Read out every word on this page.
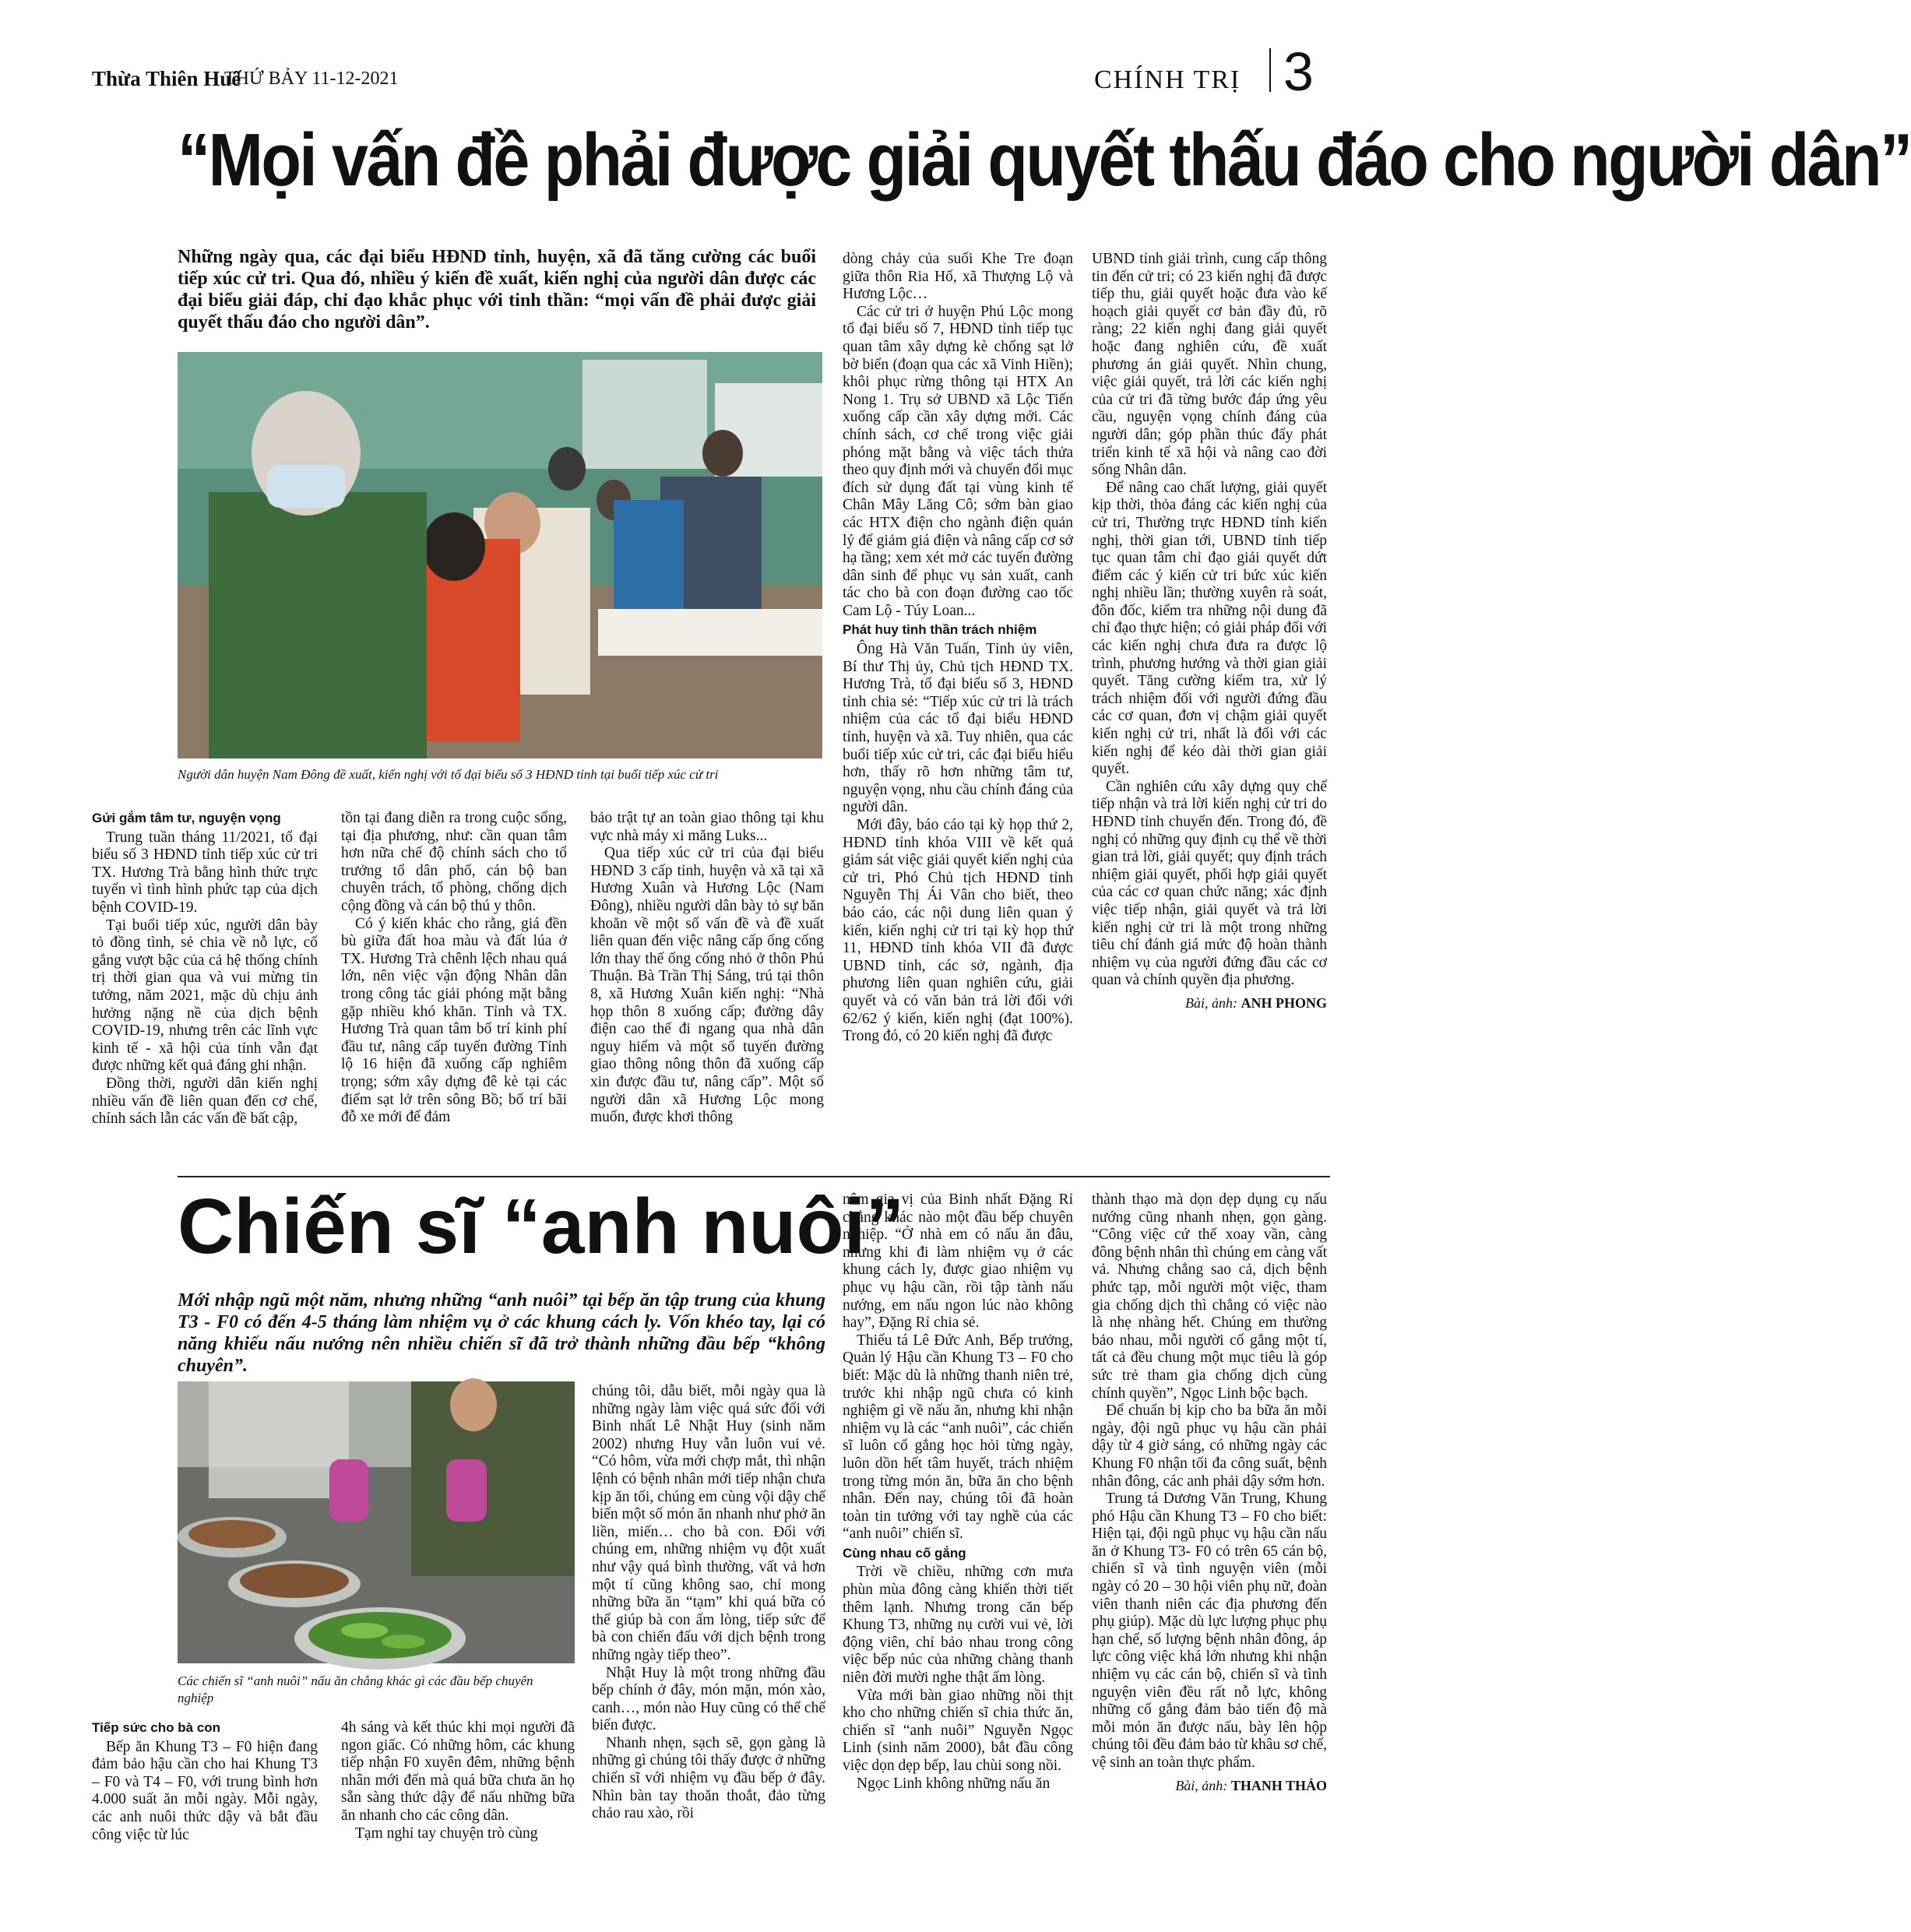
Thừa Thiên Huế
THỨ BẢY 11-12-2021	CHÍNH TRỊ 3
“Mọi vấn đề phải được giải quyết thấu đáo cho người dân”
Những ngày qua, các đại biểu HĐND tỉnh, huyện, xã đã tăng cường các buổi tiếp xúc cử tri. Qua đó, nhiều ý kiến đề xuất, kiến nghị của người dân được các đại biểu giải đáp, chỉ đạo khắc phục với tinh thần: “mọi vấn đề phải được giải quyết thấu đáo cho người dân”.
Người dân huyện Nam Đông đề xuất, kiến nghị với tổ đại biểu số 3 HĐND tỉnh tại buổi tiếp xúc cử tri
Gửi gắm tâm tư, nguyện vọng

Trung tuần tháng 11/2021, tổ đại biểu số 3 HĐND tỉnh tiếp xúc cử tri TX. Hương Trà bằng hình thức trực tuyến vì tình hình phức tạp của dịch bệnh COVID-19.

Tại buổi tiếp xúc, người dân bày tỏ đồng tình, sẻ chia về nỗ lực, cố gắng vượt bậc của cả hệ thống chính trị thời gian qua và vui mừng tin tưởng, năm 2021, mặc dù chịu ảnh hưởng nặng nề của dịch bệnh COVID-19, nhưng trên các lĩnh vực kinh tế - xã hội của tỉnh vẫn đạt được những kết quả đáng ghi nhận.

Đồng thời, người dân kiến nghị nhiều vấn đề liên quan đến cơ chế, chính sách lẫn các vấn đề bất cập,

tồn tại đang diễn ra trong cuộc sống, tại địa phương, như: cần quan tâm hơn nữa chế độ chính sách cho tổ trưởng tổ dân phố, cán bộ ban chuyên trách, tổ phòng, chống dịch cộng đồng và cán bộ thú y thôn.

Có ý kiến khác cho rằng, giá đền bù giữa đất hoa màu và đất lúa ở TX. Hương Trà chênh lệch nhau quá lớn, nên việc vận động Nhân dân trong công tác giải phóng mặt bằng gặp nhiều khó khăn. Tỉnh và TX. Hương Trà quan tâm bố trí kinh phí đầu tư, nâng cấp tuyến đường Tỉnh lộ 16 hiện đã xuống cấp nghiêm trọng; sớm xây dựng đê kè tại các điểm sạt lở trên sông Bồ; bố trí bãi đỗ xe mới để đảm

bảo trật tự an toàn giao thông tại khu vực nhà máy xi măng Luks...

Qua tiếp xúc cử tri của đại biểu HĐND 3 cấp tỉnh, huyện và xã tại xã Hương Xuân và Hương Lộc (Nam Đông), nhiều người dân bày tỏ sự băn khoăn về một số vấn đề và đề xuất liên quan đến việc nâng cấp ống cống lớn thay thế ống cống nhỏ ở thôn Phú Thuận. Bà Trần Thị Sáng, trú tại thôn 8, xã Hương Xuân kiến nghị: “Nhà họp thôn 8 xuống cấp; đường dây điện cao thế đi ngang qua nhà dân nguy hiểm và một số tuyến đường giao thông nông thôn đã xuống cấp xin được đầu tư, nâng cấp”. Một số người dân xã Hương Lộc mong muốn, được khơi thông

dòng chảy của suối Khe Tre đoạn giữa thôn Ria Hố, xã Thượng Lộ và Hương Lộc…

Các cử tri ở huyện Phú Lộc mong tổ đại biểu số 7, HĐND tỉnh tiếp tục quan tâm xây dựng kè chống sạt lở bờ biển (đoạn qua các xã Vinh Hiền); khôi phục rừng thông tại HTX An Nong 1. Trụ sở UBND xã Lộc Tiến xuống cấp cần xây dựng mới. Các chính sách, cơ chế trong việc giải phóng mặt bằng và việc tách thửa theo quy định mới và chuyển đổi mục đích sử dụng đất tại vùng kinh tế Chân Mây Lăng Cô; sớm bàn giao các HTX điện cho ngành điện quản lý để giảm giá điện và nâng cấp cơ sở hạ tầng; xem xét mở các tuyến đường dân sinh để phục vụ sản xuất, canh tác cho bà con đoạn đường cao tốc Cam Lộ - Túy Loan...

Phát huy tinh thần trách nhiệm

Ông Hà Văn Tuấn, Tỉnh ủy viên, Bí thư Thị ủy, Chủ tịch HĐND TX. Hương Trà, tổ đại biểu số 3, HĐND tỉnh chia sẻ: “Tiếp xúc cử tri là trách nhiệm của các tổ đại biểu HĐND tỉnh, huyện và xã. Tuy nhiên, qua các buổi tiếp xúc cử tri, các đại biểu hiểu hơn, thấy rõ hơn những tâm tư, nguyện vọng, nhu cầu chính đáng của người dân.

Mới đây, báo cáo tại kỳ họp thứ 2, HĐND tỉnh khóa VIII về kết quả giám sát việc giải quyết kiến nghị của cử tri, Phó Chủ tịch HĐND tỉnh Nguyễn Thị Ái Vân cho biết, theo báo cáo, các nội dung liên quan ý kiến, kiến nghị cử tri tại kỳ họp thứ 11, HĐND tỉnh khóa VII đã được UBND tỉnh, các sở, ngành, địa phương liên quan nghiên cứu, giải quyết và có văn bản trả lời đối với 62/62 ý kiến, kiến nghị (đạt 100%). Trong đó, có 20 kiến nghị đã được

UBND tỉnh giải trình, cung cấp thông tin đến cử tri; có 23 kiến nghị đã được tiếp thu, giải quyết hoặc đưa vào kế hoạch giải quyết cơ bản đầy đủ, rõ ràng; 22 kiến nghị đang giải quyết hoặc đang nghiên cứu, đề xuất phương án giải quyết. Nhìn chung, việc giải quyết, trả lời các kiến nghị của cử tri đã từng bước đáp ứng yêu cầu, nguyện vọng chính đáng của người dân; góp phần thúc đẩy phát triển kinh tế xã hội và nâng cao đời sống Nhân dân.

Để nâng cao chất lượng, giải quyết kịp thời, thỏa đáng các kiến nghị của cử tri, Thường trực HĐND tỉnh kiến nghị, thời gian tới, UBND tỉnh tiếp tục quan tâm chỉ đạo giải quyết dứt điểm các ý kiến cử tri bức xúc kiến nghị nhiều lần; thường xuyên rà soát, đôn đốc, kiểm tra những nội dung đã chỉ đạo thực hiện; có giải pháp đối với các kiến nghị chưa đưa ra được lộ trình, phương hướng và thời gian giải quyết. Tăng cường kiểm tra, xử lý trách nhiệm đối với người đứng đầu các cơ quan, đơn vị chậm giải quyết kiến nghị cử tri, nhất là đối với các kiến nghị để kéo dài thời gian giải quyết.

Cần nghiên cứu xây dựng quy chế tiếp nhận và trả lời kiến nghị cử tri do HĐND tỉnh chuyển đến. Trong đó, đề nghị có những quy định cụ thể về thời gian trả lời, giải quyết; quy định trách nhiệm giải quyết, phối hợp giải quyết của các cơ quan chức năng; xác định việc tiếp nhận, giải quyết và trả lời kiến nghị cử tri là một trong những tiêu chí đánh giá mức độ hoàn thành nhiệm vụ của người đứng đầu các cơ quan và chính quyền địa phương.

Bài, ảnh: ANH PHONG
Chiến sĩ “anh nuôi”
Mới nhập ngũ một năm, nhưng những “anh nuôi” tại bếp ăn tập trung của khung T3 - F0 có đến 4-5 tháng làm nhiệm vụ ở các khung cách ly. Vốn khéo tay, lại có năng khiếu nấu nướng nên nhiều chiến sĩ đã trở thành những đầu bếp “không chuyên”.
Các chiến sĩ “anh nuôi” nấu ăn chẳng khác gì các đầu bếp chuyên nghiệp
Tiếp sức cho bà con

Bếp ăn Khung T3 – F0 hiện đang đảm bảo hậu cần cho hai Khung T3 – F0 và T4 – F0, với trung bình hơn 4.000 suất ăn mỗi ngày. Mỗi ngày, các anh nuôi thức dậy và bắt đầu công việc từ lúc

4h sáng và kết thúc khi mọi người đã ngon giấc. Có những hôm, các khung tiếp nhận F0 xuyên đêm, những bệnh nhân mới đến mà quá bữa chưa ăn họ sẵn sàng thức dậy để nấu những bữa ăn nhanh cho các công dân.

Tạm nghỉ tay chuyện trò cùng

chúng tôi, dẫu biết, mỗi ngày qua là những ngày làm việc quá sức đối với Binh nhất Lê Nhật Huy (sinh năm 2002) nhưng Huy vẫn luôn vui vẻ. “Có hôm, vừa mới chợp mắt, thì nhận lệnh có bệnh nhân mới tiếp nhận chưa kịp ăn tối, chúng em cùng vội dậy chế biến một số món ăn nhanh như phở ăn liền, miến… cho bà con. Đối với chúng em, những nhiệm vụ đột xuất như vậy quá bình thường, vất vả hơn một tí cũng không sao, chỉ mong những bữa ăn “tạm” khi quá bữa có thể giúp bà con ấm lòng, tiếp sức để bà con chiến đấu với dịch bệnh trong những ngày tiếp theo”.

Nhật Huy là một trong những đầu bếp chính ở đây, món mặn, món xào, canh…, món nào Huy cũng có thể chế biến được.

Nhanh nhẹn, sạch sẽ, gọn gàng là những gì chúng tôi thấy được ở những chiến sĩ với nhiệm vụ đầu bếp ở đây. Nhìn bàn tay thoăn thoắt, đảo từng chảo rau xào, rồi

nêm gia vị của Binh nhất Đặng Rỉ chẳng khác nào một đầu bếp chuyên nghiệp. “Ở nhà em có nấu ăn đâu, nhưng khi đi làm nhiệm vụ ở các khung cách ly, được giao nhiệm vụ phục vụ hậu cần, rồi tập tành nấu nướng, em nấu ngon lúc nào không hay”, Đặng Rỉ chia sẻ.

Thiếu tá Lê Đức Anh, Bếp trưởng, Quản lý Hậu cần Khung T3 – F0 cho biết: Mặc dù là những thanh niên trẻ, trước khi nhập ngũ chưa có kinh nghiệm gì về nấu ăn, nhưng khi nhận nhiệm vụ là các “anh nuôi”, các chiến sĩ luôn cố gắng học hỏi từng ngày, luôn dồn hết tâm huyết, trách nhiệm trong từng món ăn, bữa ăn cho bệnh nhân. Đến nay, chúng tôi đã hoàn toàn tin tưởng với tay nghề của các “anh nuôi” chiến sĩ.

Cùng nhau cố gắng

Trời về chiều, những cơn mưa phùn mùa đông càng khiến thời tiết thêm lạnh. Nhưng trong căn bếp Khung T3, những nụ cười vui vẻ, lời động viên, chỉ bảo nhau trong công việc bếp núc của những chàng thanh niên đời mười nghe thật ấm lòng.

Vừa mới bàn giao những nồi thịt kho cho những chiến sĩ chia thức ăn, chiến sĩ “anh nuôi” Nguyễn Ngọc Linh (sinh năm 2000), bắt đầu công việc dọn dẹp bếp, lau chùi song nồi.

Ngọc Linh không những nấu ăn

thành thạo mà dọn dẹp dụng cụ nấu nướng cũng nhanh nhẹn, gọn gàng. “Công việc cứ thế xoay vần, càng đông bệnh nhân thì chúng em càng vất vả. Nhưng chẳng sao cả, dịch bệnh phức tạp, mỗi người một việc, tham gia chống dịch thì chẳng có việc nào là nhẹ nhàng hết. Chúng em thường bảo nhau, mỗi người cố gắng một tí, tất cả đều chung một mục tiêu là góp sức trẻ tham gia chống dịch cùng chính quyền”, Ngọc Linh bộc bạch.

Để chuẩn bị kịp cho ba bữa ăn mỗi ngày, đội ngũ phục vụ hậu cần phải dậy từ 4 giờ sáng, có những ngày các Khung F0 nhận tối đa công suất, bệnh nhân đông, các anh phải dậy sớm hơn.

Trung tá Dương Văn Trung, Khung phó Hậu cần Khung T3 – F0 cho biết: Hiện tại, đội ngũ phục vụ hậu cần nấu ăn ở Khung T3- F0 có trên 65 cán bộ, chiến sĩ và tình nguyện viên (mỗi ngày có 20 – 30 hội viên phụ nữ, đoàn viên thanh niên các địa phương đến phụ giúp). Mặc dù lực lượng phục phụ hạn chế, số lượng bệnh nhân đông, áp lực công việc khá lớn nhưng khi nhận nhiệm vụ các cán bộ, chiến sĩ và tình nguyện viên đều rất nỗ lực, không những cố gắng đảm bảo tiến độ mà mỗi món ăn được nấu, bày lên hộp chúng tôi đều đảm bảo từ khâu sơ chế, vệ sinh an toàn thực phẩm.

Bài, ảnh: THANH THẢO
